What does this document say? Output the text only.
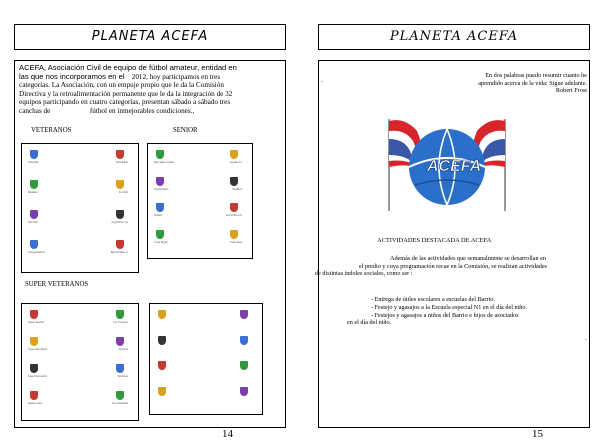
PLANETA ACEFA
ACEFA, Asociación Civil de equipo de fútbol amateur, entidad en
las que nos incorporamos en el 2012, hoy participamos en tres
categorías. La Asociación, con un empuje propio que le da la Comisión
Directiva y la retroalimentación permanente que le da la integración de 32
equipos participando en cuatro categorías, presentan sábado a sábado tres
canchas de	fútbol en inmejorables condiciones.,
VETERANOS	SENIOR
Colorifico	Mundialito
Baratieri	Fe Club
Nio Club	Argentinos Jrs
Conquistadora	Bernitz Maiu Jr
Mercados Unidos	Aguilas Fc
Universitario	Castillos
Tedlest	Los Pollos FC
Cuna Bugui	Pela Seca
SUPER VETERANOS
Super Sparbo	Los Tucanes
Super Escuderia	Quintas
Super Fernando	Nortistas
Santa Lucia	Los Orquidaia
14
PLANETA ACEFA
-
En dos palabras puedo resumir cuanto he
aprendido acerca de la vida: Sigue adelante.
Robert Frost
ACEFA
ACTIVIDADES DESTACADA DE ACEFA
Además de las actividades que semanalmente se desarrollan en
el predio y cuya programación recae en la Comisión, se realizan actividades
de distintas índoles sociales, como ser :
- Entrega de útiles escolares a escuelas del Barrio.
- Festejo y agasajos a la Escuela especial N1 en el día del niño.
- Festejos y agasajos a niños del Barrio e hijos de asociados
en el día del niño.
-
15
